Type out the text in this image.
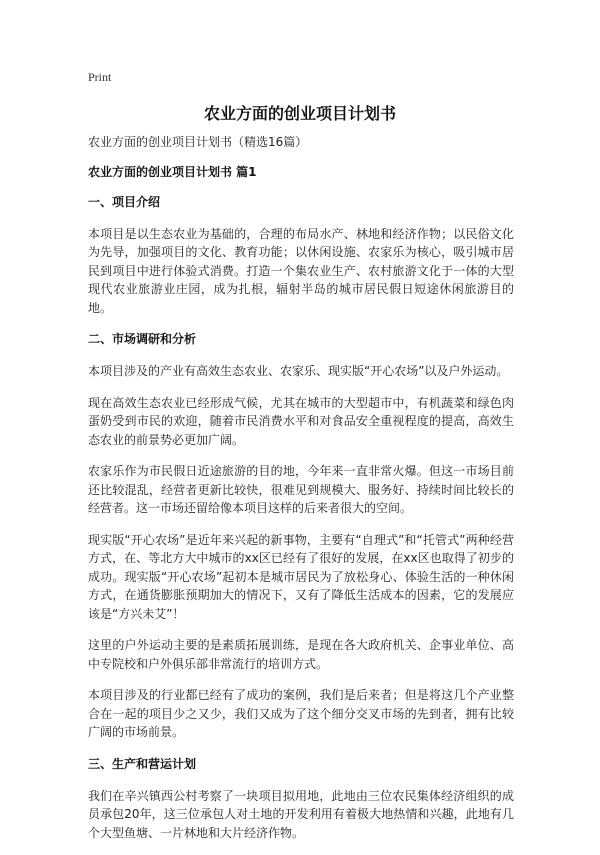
Print
农业方面的创业项目计划书

农业方面的创业项目计划书（精选16篇）

农业方面的创业项目计划书 篇1
一、项目介绍

本项目是以生态农业为基础的，合理的布局水产、林地和经济作物；以民俗文化为先导，加强项目的文化、教育功能；以休闲设施、农家乐为核心，吸引城市居民到项目中进行体验式消费。打造一个集农业生产、农村旅游文化于一体的大型现代农业旅游业庄园，成为扎根，辐射半岛的城市居民假日短途休闲旅游目的地。

二、市场调研和分析

本项目涉及的产业有高效生态农业、农家乐、现实版“开心农场”以及户外运动。

现在高效生态农业已经形成气候，尤其在城市的大型超市中，有机蔬菜和绿色肉蛋奶受到市民的欢迎，随着市民消费水平和对食品安全重视程度的提高，高效生态农业的前景势必更加广阔。

农家乐作为市民假日近途旅游的目的地，今年来一直非常火爆。但这一市场目前还比较混乱，经营者更新比较快，很难见到规模大、服务好、持续时间比较长的经营者。这一市场还留给像本项目这样的后来者很大的空间。

现实版“开心农场”是近年来兴起的新事物，主要有“自理式”和“托管式”两种经营方式，在、等北方大中城市的xx区已经有了很好的发展，在xx区也取得了初步的成功。现实版“开心农场”起初本是城市居民为了放松身心、体验生活的一种休闲方式，在通货膨胀预期加大的情况下，又有了降低生活成本的因素，它的发展应该是“方兴未艾”！

这里的户外运动主要的是素质拓展训练，是现在各大政府机关、企事业单位、高中专院校和户外俱乐部非常流行的培训方式。

本项目涉及的行业都已经有了成功的案例，我们是后来者；但是将这几个产业整合在一起的项目少之又少，我们又成为了这个细分交叉市场的先到者，拥有比较广阔的市场前景。

三、生产和营运计划

我们在辛兴镇西公村考察了一块项目拟用地，此地由三位农民集体经济组织的成员承包20年，这三位承包人对土地的开发利用有着极大地热情和兴趣，此地有几个大型鱼塘、一片林地和大片经济作物。
